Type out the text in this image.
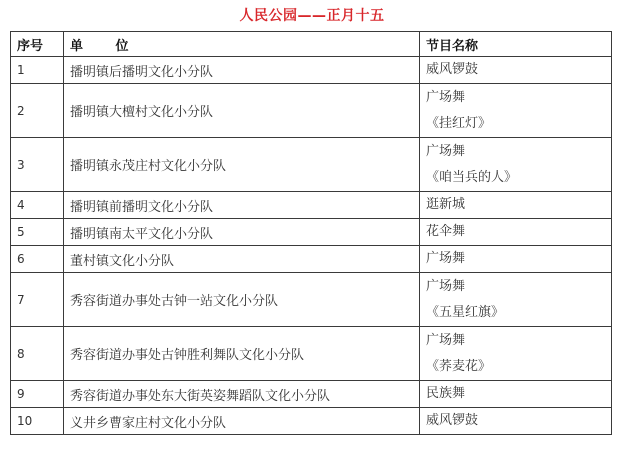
人民公园——正月十五
序号	单 位	节目名称
1	播明镇后播明文化小分队	威风锣鼓

2	播明镇大檀村文化小分队	广场舞
《挂红灯》

3	播明镇永茂庄村文化小分队	广场舞
《咱当兵的人》

4	播明镇前播明文化小分队	逛新城

5	播明镇南太平文化小分队	花伞舞

6	董村镇文化小分队	广场舞

7	秀容街道办事处古钟一站文化小分队	广场舞
《五星红旗》

8	秀容街道办事处古钟胜利舞队文化小分队	广场舞
《荞麦花》

9	秀容街道办事处东大街英姿舞蹈队文化小分队	民族舞

10	义井乡曹家庄村文化小分队	威风锣鼓
